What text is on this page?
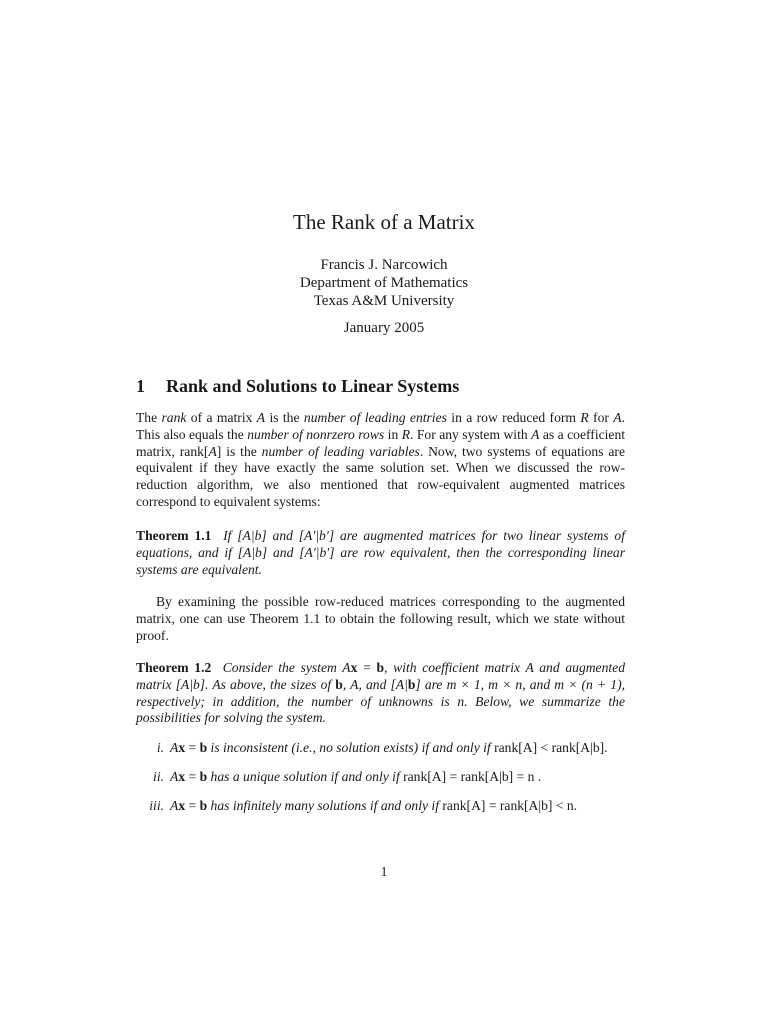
The Rank of a Matrix
Francis J. Narcowich
Department of Mathematics
Texas A&M University
January 2005
1 Rank and Solutions to Linear Systems

The rank of a matrix A is the number of leading entries in a row reduced form R for A. This also equals the number of nonrzero rows in R. For any system with A as a coefficient matrix, rank[A] is the number of leading variables. Now, two systems of equations are equivalent if they have exactly the same solution set. When we discussed the row-reduction algorithm, we also mentioned that row-equivalent augmented matrices correspond to equivalent systems:

Theorem 1.1 If [A|b] and [A′|b′] are augmented matrices for two linear systems of equations, and if [A|b] and [A′|b′] are row equivalent, then the corresponding linear systems are equivalent.

By examining the possible row-reduced matrices corresponding to the augmented matrix, one can use Theorem 1.1 to obtain the following result, which we state without proof.

Theorem 1.2 Consider the system Ax = b, with coefficient matrix A and augmented matrix [A|b]. As above, the sizes of b, A, and [A|b] are m × 1, m × n, and m × (n + 1), respectively; in addition, the number of unknowns is n. Below, we summarize the possibilities for solving the system.

i. Ax = b is inconsistent (i.e., no solution exists) if and only if rank[A] < rank[A|b].
ii. Ax = b has a unique solution if and only if rank[A] = rank[A|b] = n .
iii. Ax = b has infinitely many solutions if and only if rank[A] = rank[A|b] < n.
1
